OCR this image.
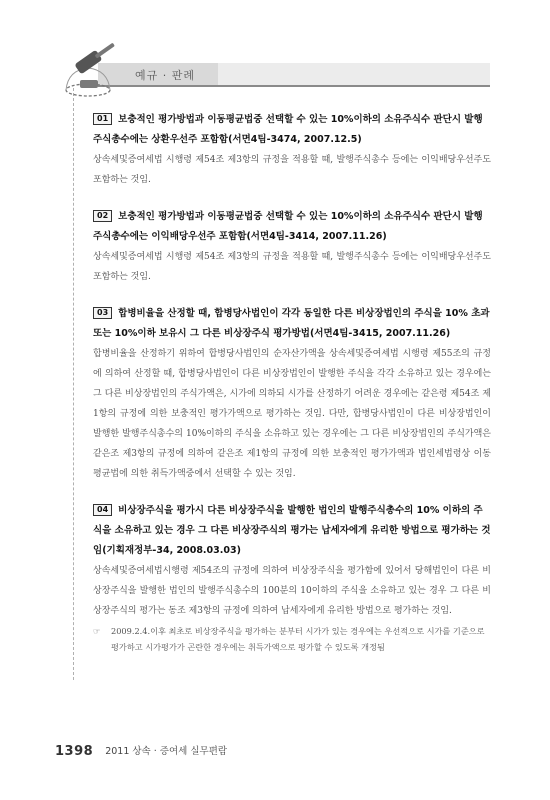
예규 · 판례

01 보충적인 평가방법과 이동평균법중 선택할 수 있는 10%이하의 소유주식수 판단시 발행주식총수에는 상환우선주 포함함(서면4팀-3474, 2007.12.5)

상속세및증여세법 시행령 제54조 제3항의 규정을 적용할 때, 발행주식총수 등에는 이익배당우선주도 포함하는 것임.

02 보충적인 평가방법과 이동평균법중 선택할 수 있는 10%이하의 소유주식수 판단시 발행주식총수에는 이익배당우선주 포함함(서면4팀-3414, 2007.11.26)

상속세및증여세법 시행령 제54조 제3항의 규정을 적용할 때, 발행주식총수 등에는 이익배당우선주도 포함하는 것임.

03 합병비율을 산정할 때, 합병당사법인이 각각 동일한 다른 비상장법인의 주식을 10% 초과 또는 10%이하 보유시 그 다른 비상장주식 평가방법(서면4팀-3415, 2007.11.26)

합병비율을 산정하기 위하여 합병당사법인의 순자산가액을 상속세및증여세법 시행령 제55조의 규정에 의하여 산정할 때, 합병당사법인이 다른 비상장법인이 발행한 주식을 각각 소유하고 있는 경우에는 그 다른 비상장법인의 주식가액은, 시가에 의하되 시가를 산정하기 어려운 경우에는 같은령 제54조 제1항의 규정에 의한 보충적인 평가가액으로 평가하는 것임. 다만, 합병당사법인이 다른 비상장법인이 발행한 발행주식총수의 10%이하의 주식을 소유하고 있는 경우에는 그 다른 비상장법인의 주식가액은 같은조 제3항의 규정에 의하여 같은조 제1항의 규정에 의한 보충적인 평가가액과 법인세법령상 이동평균법에 의한 취득가액중에서 선택할 수 있는 것임.

04 비상장주식을 평가시 다른 비상장주식을 발행한 법인의 발행주식총수의 10% 이하의 주식을 소유하고 있는 경우 그 다른 비상장주식의 평가는 납세자에게 유리한 방법으로 평가하는 것임(기획재정부-34, 2008.03.03)

상속세및증여세법시행령 제54조의 규정에 의하여 비상장주식을 평가함에 있어서 당해법인이 다른 비상장주식을 발행한 법인의 발행주식총수의 100분의 10이하의 주식을 소유하고 있는 경우 그 다른 비상장주식의 평가는 동조 제3항의 규정에 의하여 납세자에게 유리한 방법으로 평가하는 것임.

☞ 2009.2.4.이후 최초로 비상장주식을 평가하는 분부터 시가가 있는 경우에는 우선적으로 시가를 기준으로 평가하고 시가평가가 곤란한 경우에는 취득가액으로 평가할 수 있도록 개정됨

1398 2011 상속 · 증여세 실무편람
